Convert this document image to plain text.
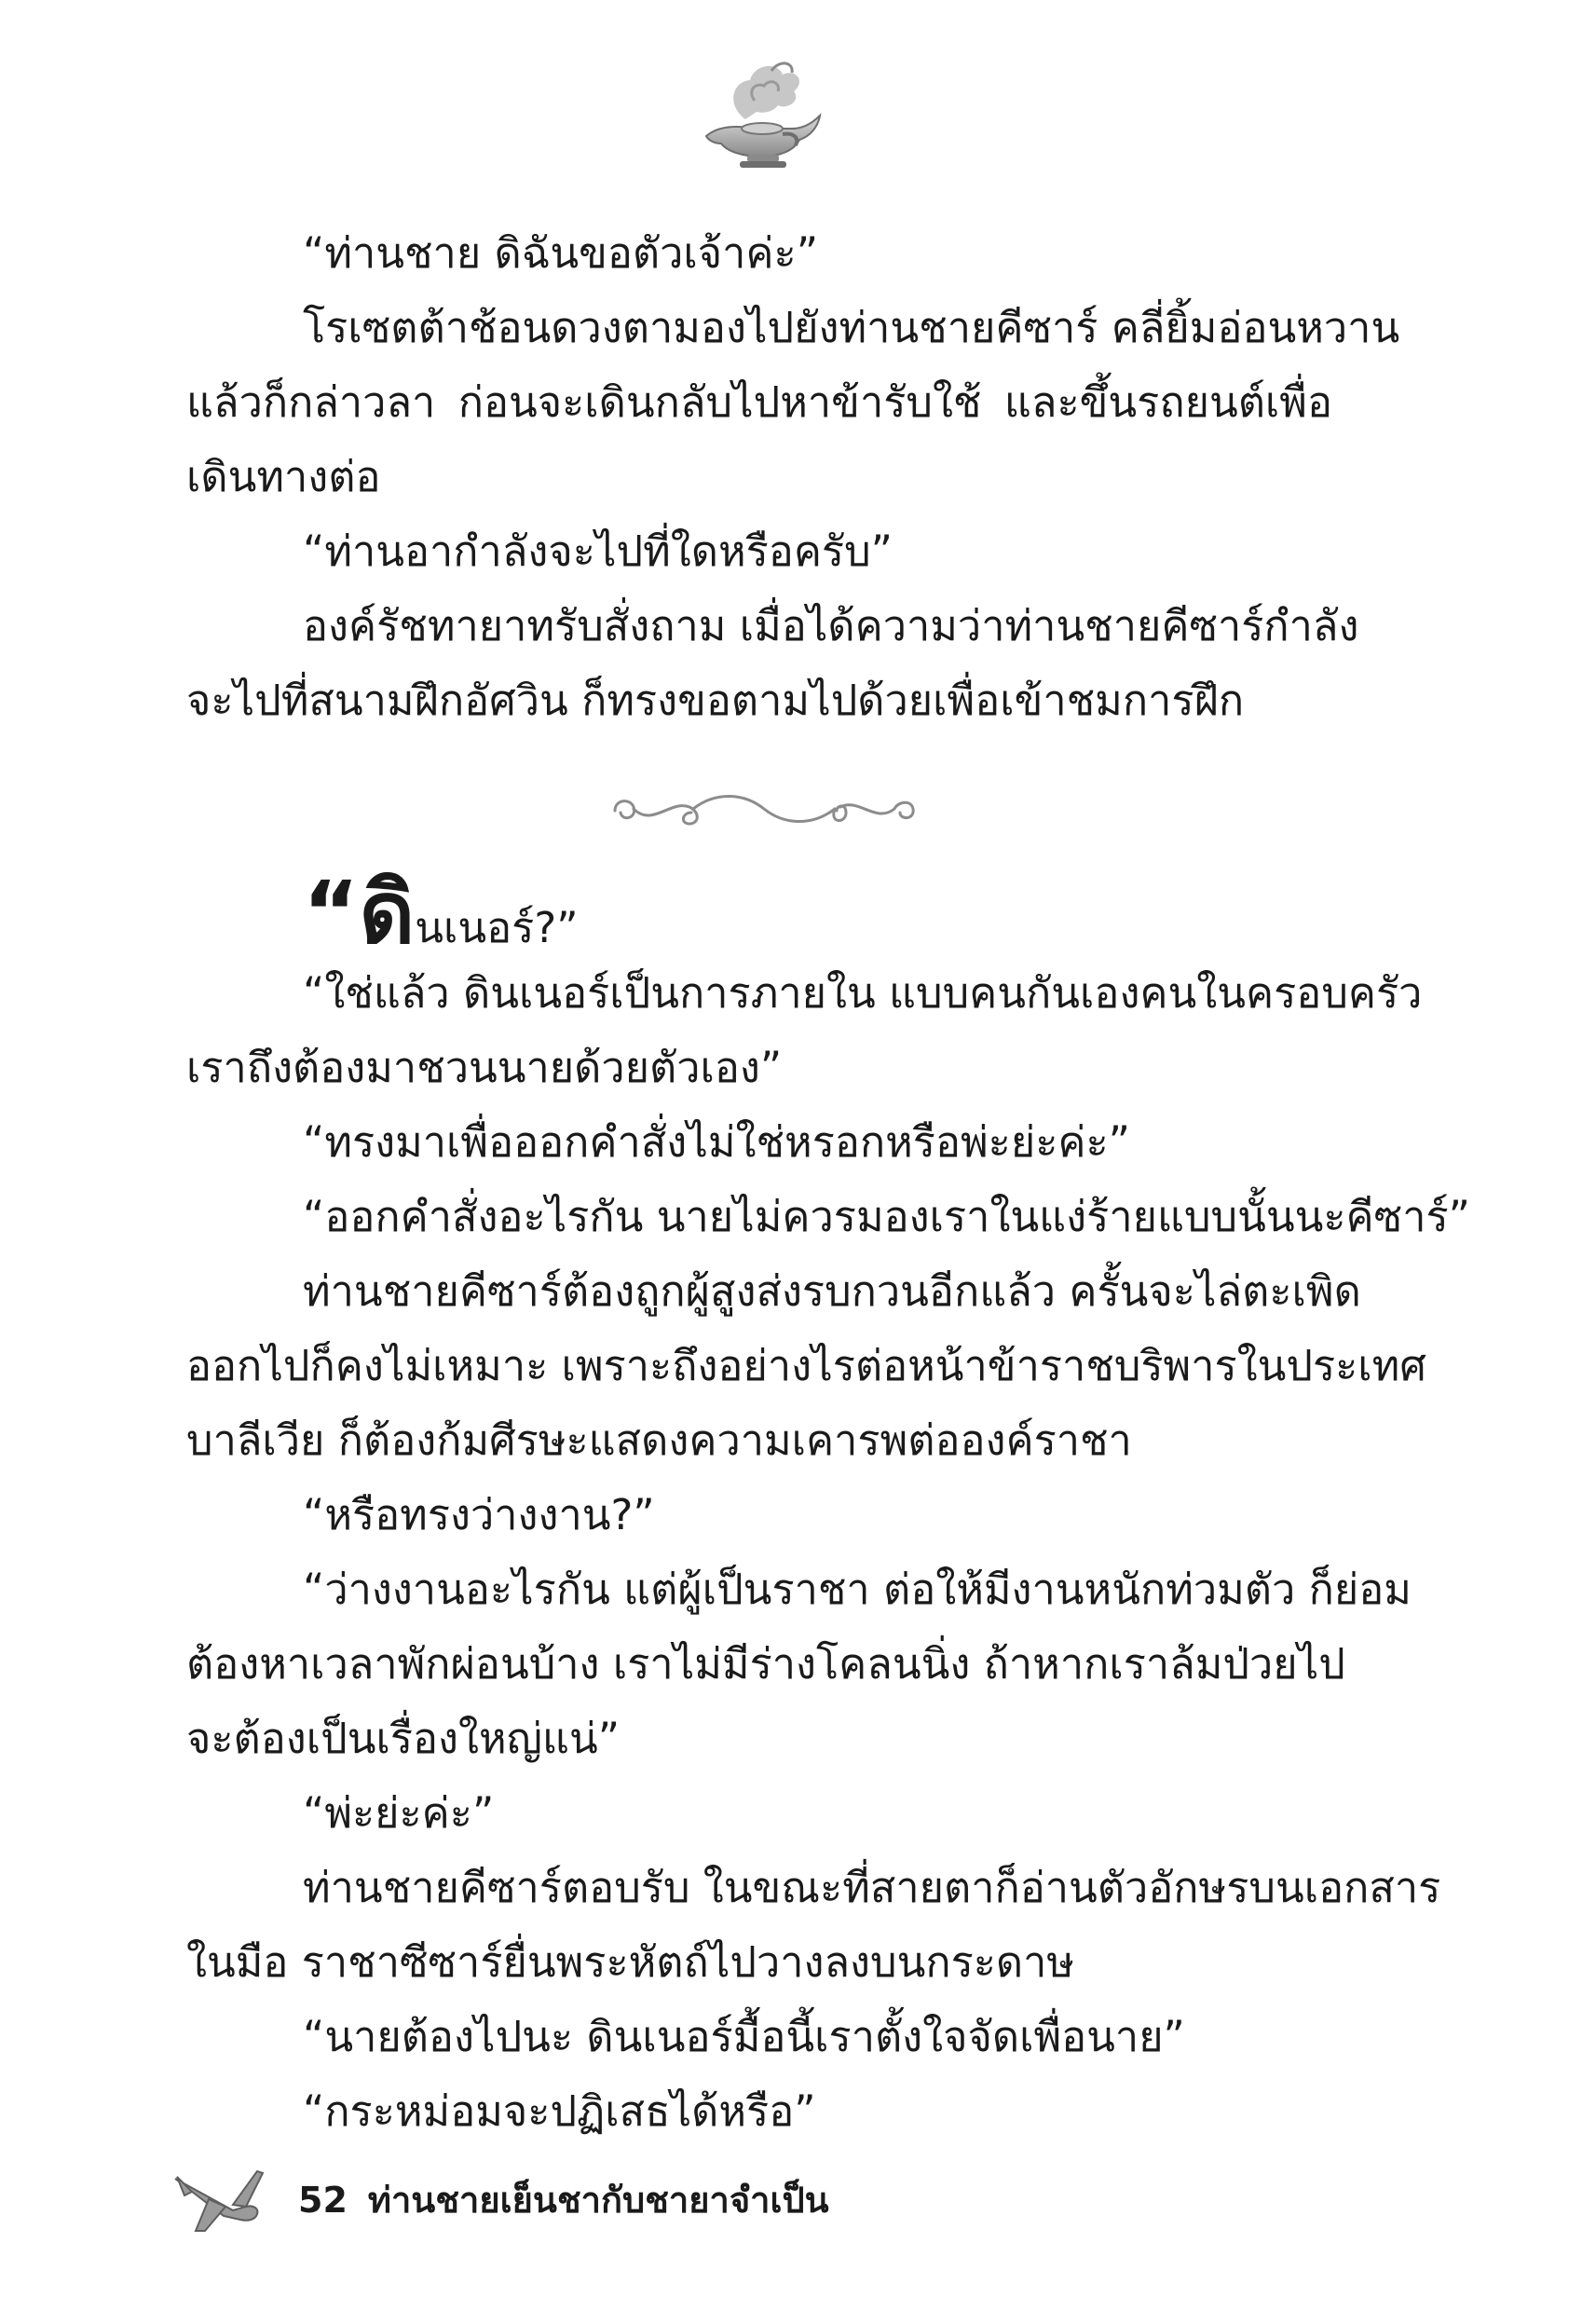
“ท่านชาย ดิฉันขอตัวเจ้าค่ะ”
โรเซตต้าช้อนดวงตามองไปยังท่านชายคีซาร์ คลี่ยิ้มอ่อนหวาน
แล้วก็กล่าวลา ก่อนจะเดินกลับไปหาข้ารับใช้ และขึ้นรถยนต์เพื่อ
เดินทางต่อ
“ท่านอากำลังจะไปที่ใดหรือครับ”
องค์รัชทายาทรับสั่งถาม เมื่อได้ความว่าท่านชายคีซาร์กำลัง
จะไปที่สนามฝึกอัศวิน ก็ทรงขอตามไปด้วยเพื่อเข้าชมการฝึก
“ดินเนอร์?”
“ใช่แล้ว ดินเนอร์เป็นการภายใน แบบคนกันเองคนในครอบครัว
เราถึงต้องมาชวนนายด้วยตัวเอง”
“ทรงมาเพื่อออกคำสั่งไม่ใช่หรอกหรือพ่ะย่ะค่ะ”
“ออกคำสั่งอะไรกัน นายไม่ควรมองเราในแง่ร้ายแบบนั้นนะคีซาร์”
ท่านชายคีซาร์ต้องถูกผู้สูงส่งรบกวนอีกแล้ว ครั้นจะไล่ตะเพิด
ออกไปก็คงไม่เหมาะ เพราะถึงอย่างไรต่อหน้าข้าราชบริพารในประเทศ
บาลีเวีย ก็ต้องก้มศีรษะแสดงความเคารพต่อองค์ราชา
“หรือทรงว่างงาน?”
“ว่างงานอะไรกัน แต่ผู้เป็นราชา ต่อให้มีงานหนักท่วมตัว ก็ย่อม
ต้องหาเวลาพักผ่อนบ้าง เราไม่มีร่างโคลนนิ่ง ถ้าหากเราล้มป่วยไป
จะต้องเป็นเรื่องใหญ่แน่”
“พ่ะย่ะค่ะ”
ท่านชายคีซาร์ตอบรับ ในขณะที่สายตาก็อ่านตัวอักษรบนเอกสาร
ในมือ ราชาซีซาร์ยื่นพระหัตถ์ไปวางลงบนกระดาษ
“นายต้องไปนะ ดินเนอร์มื้อนี้เราตั้งใจจัดเพื่อนาย”
“กระหม่อมจะปฏิเสธได้หรือ”
52 ท่านชายเย็นชากับชายาจำเป็น
